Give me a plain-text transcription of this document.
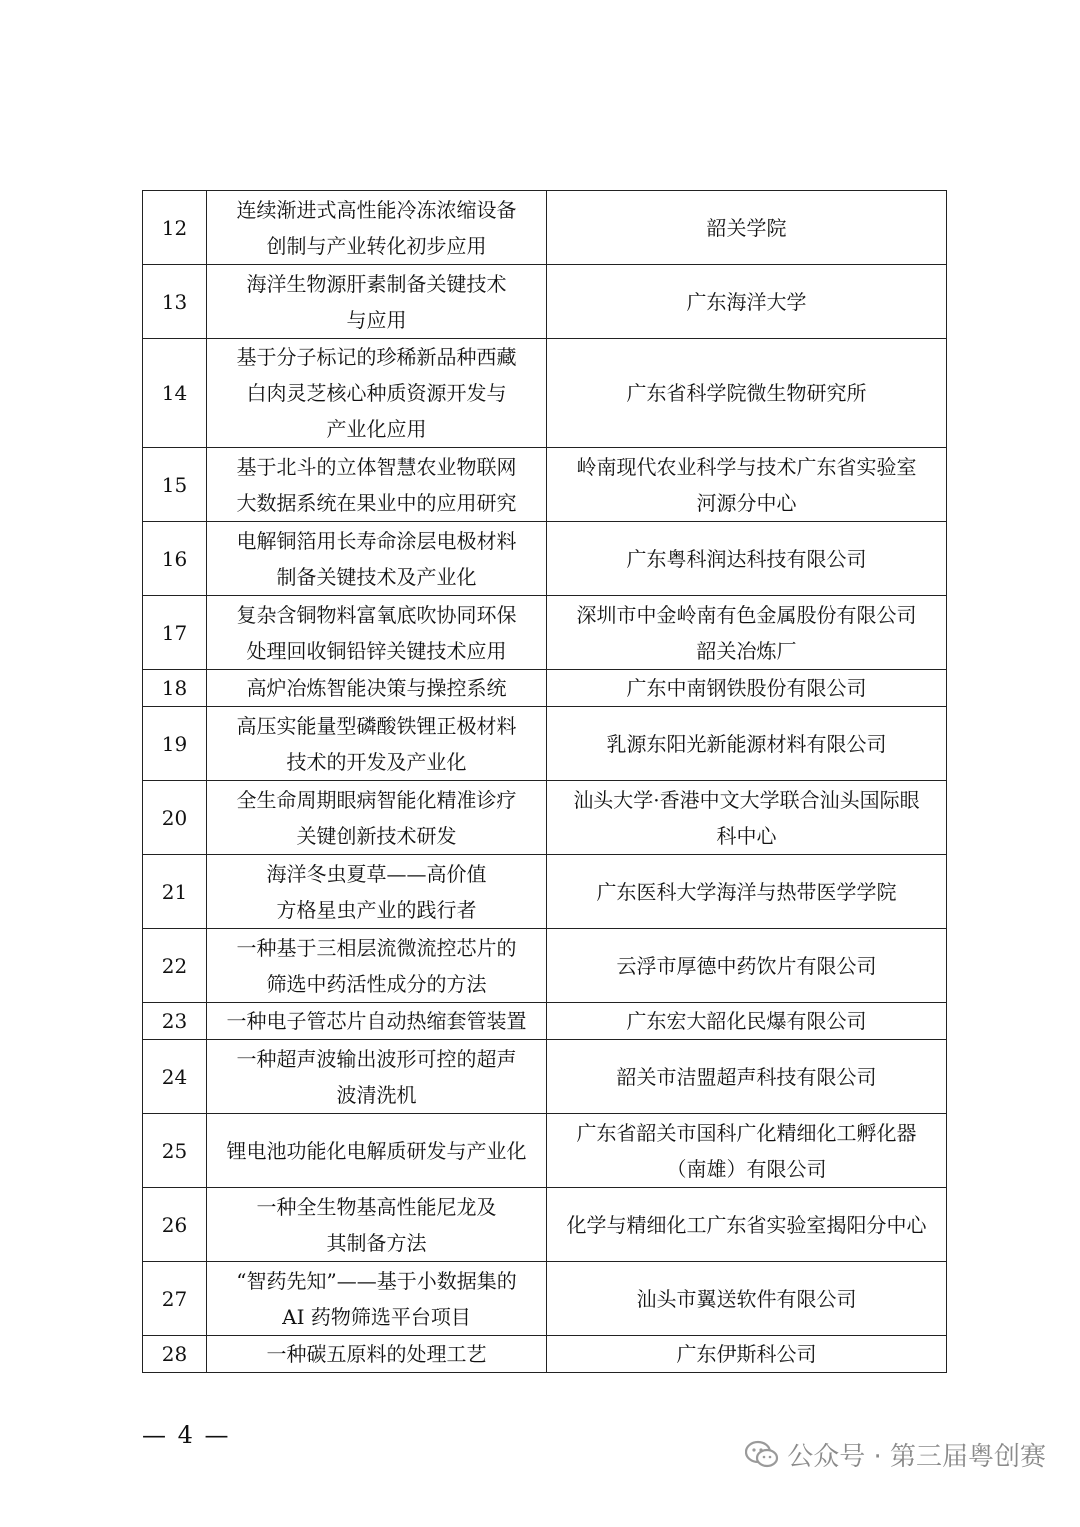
12	连续渐进式高性能冷冻浓缩设备
创制与产业转化初步应用	韶关学院

13	海洋生物源肝素制备关键技术
与应用	广东海洋大学

14	基于分子标记的珍稀新品种西藏
白肉灵芝核心种质资源开发与
产业化应用	广东省科学院微生物研究所

15	基于北斗的立体智慧农业物联网
大数据系统在果业中的应用研究	岭南现代农业科学与技术广东省实验室
河源分中心

16	电解铜箔用长寿命涂层电极材料
制备关键技术及产业化	广东粤科润达科技有限公司

17	复杂含铜物料富氧底吹协同环保
处理回收铜铅锌关键技术应用	深圳市中金岭南有色金属股份有限公司
韶关冶炼厂

18	高炉冶炼智能决策与操控系统	广东中南钢铁股份有限公司

19	高压实能量型磷酸铁锂正极材料
技术的开发及产业化	乳源东阳光新能源材料有限公司

20	全生命周期眼病智能化精准诊疗
关键创新技术研发	汕头大学·香港中文大学联合汕头国际眼
科中心

21	海洋冬虫夏草——高价值
方格星虫产业的践行者	广东医科大学海洋与热带医学学院

22	一种基于三相层流微流控芯片的
筛选中药活性成分的方法	云浮市厚德中药饮片有限公司

23	一种电子管芯片自动热缩套管装置	广东宏大韶化民爆有限公司

24	一种超声波输出波形可控的超声
波清洗机	韶关市洁盟超声科技有限公司

25	锂电池功能化电解质研发与产业化	广东省韶关市国科广化精细化工孵化器
（南雄）有限公司

26	一种全生物基高性能尼龙及
其制备方法	化学与精细化工广东省实验室揭阳分中心

27	“智药先知”——基于小数据集的
AI 药物筛选平台项目	汕头市翼送软件有限公司

28	一种碳五原料的处理工艺	广东伊斯科公司
— 4 —
公众号 · 第三届粤创赛
